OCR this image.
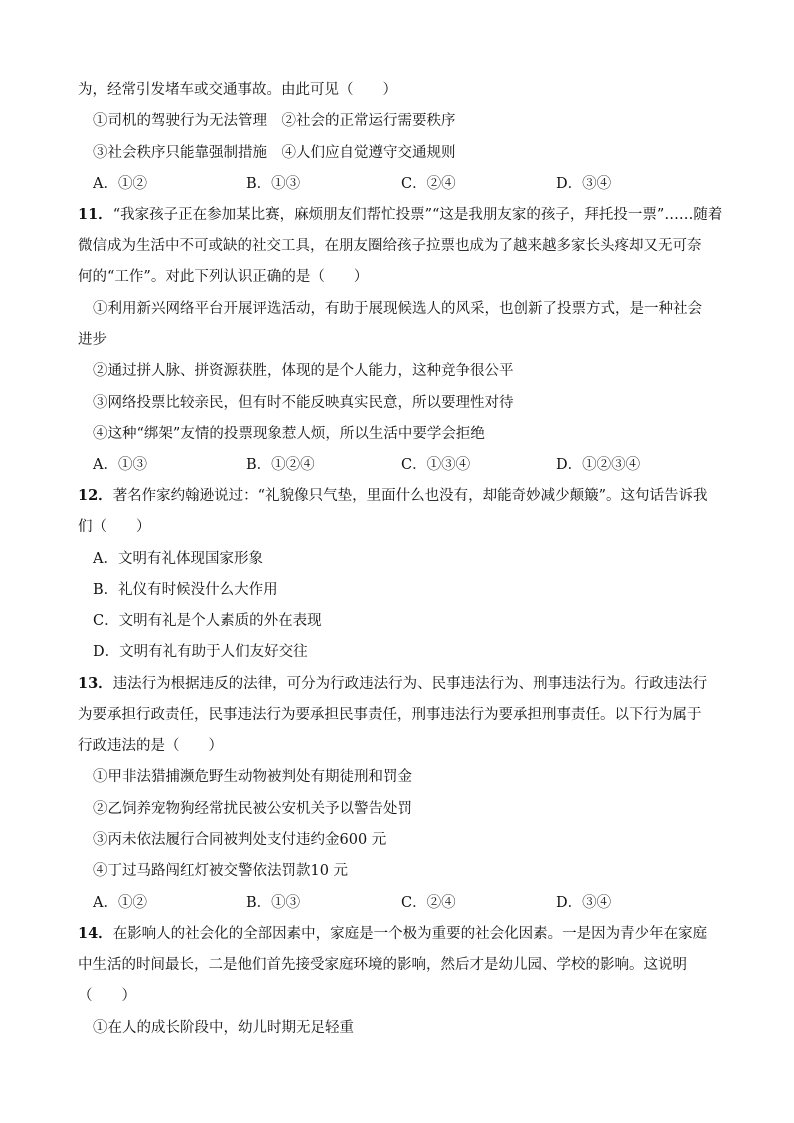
为，经常引发堵车或交通事故。由此可见（　　）
①司机的驾驶行为无法管理　②社会的正常运行需要秩序
③社会秩序只能靠强制措施　④人们应自觉遵守交通规则
A．①②	B．①③	C．②④	D．③④
11．“我家孩子正在参加某比赛，麻烦朋友们帮忙投票”“这是我朋友家的孩子，拜托投一票”……随着
微信成为生活中不可或缺的社交工具，在朋友圈给孩子拉票也成为了越来越多家长头疼却又无可奈
何的“工作”。对此下列认识正确的是（　　）
①利用新兴网络平台开展评选活动，有助于展现候选人的风采，也创新了投票方式，是一种社会
进步
②通过拼人脉、拼资源获胜，体现的是个人能力，这种竞争很公平
③网络投票比较亲民，但有时不能反映真实民意，所以要理性对待
④这种“绑架”友情的投票现象惹人烦，所以生活中要学会拒绝
A．①③	B．①②④	C．①③④	D．①②③④
12．著名作家约翰逊说过：“礼貌像只气垫，里面什么也没有，却能奇妙减少颠簸”。这句话告诉我
们（　　）
A．文明有礼体现国家形象
B．礼仪有时候没什么大作用
C．文明有礼是个人素质的外在表现
D．文明有礼有助于人们友好交往
13．违法行为根据违反的法律，可分为行政违法行为、民事违法行为、刑事违法行为。行政违法行
为要承担行政责任，民事违法行为要承担民事责任，刑事违法行为要承担刑事责任。以下行为属于
行政违法的是（　　）
①甲非法猎捕濒危野生动物被判处有期徒刑和罚金
②乙饲养宠物狗经常扰民被公安机关予以警告处罚
③丙未依法履行合同被判处支付违约金600 元
④丁过马路闯红灯被交警依法罚款10 元
A．①②	B．①③	C．②④	D．③④
14．在影响人的社会化的全部因素中，家庭是一个极为重要的社会化因素。一是因为青少年在家庭
中生活的时间最长，二是他们首先接受家庭环境的影响，然后才是幼儿园、学校的影响。这说明
（　　）
①在人的成长阶段中，幼儿时期无足轻重
